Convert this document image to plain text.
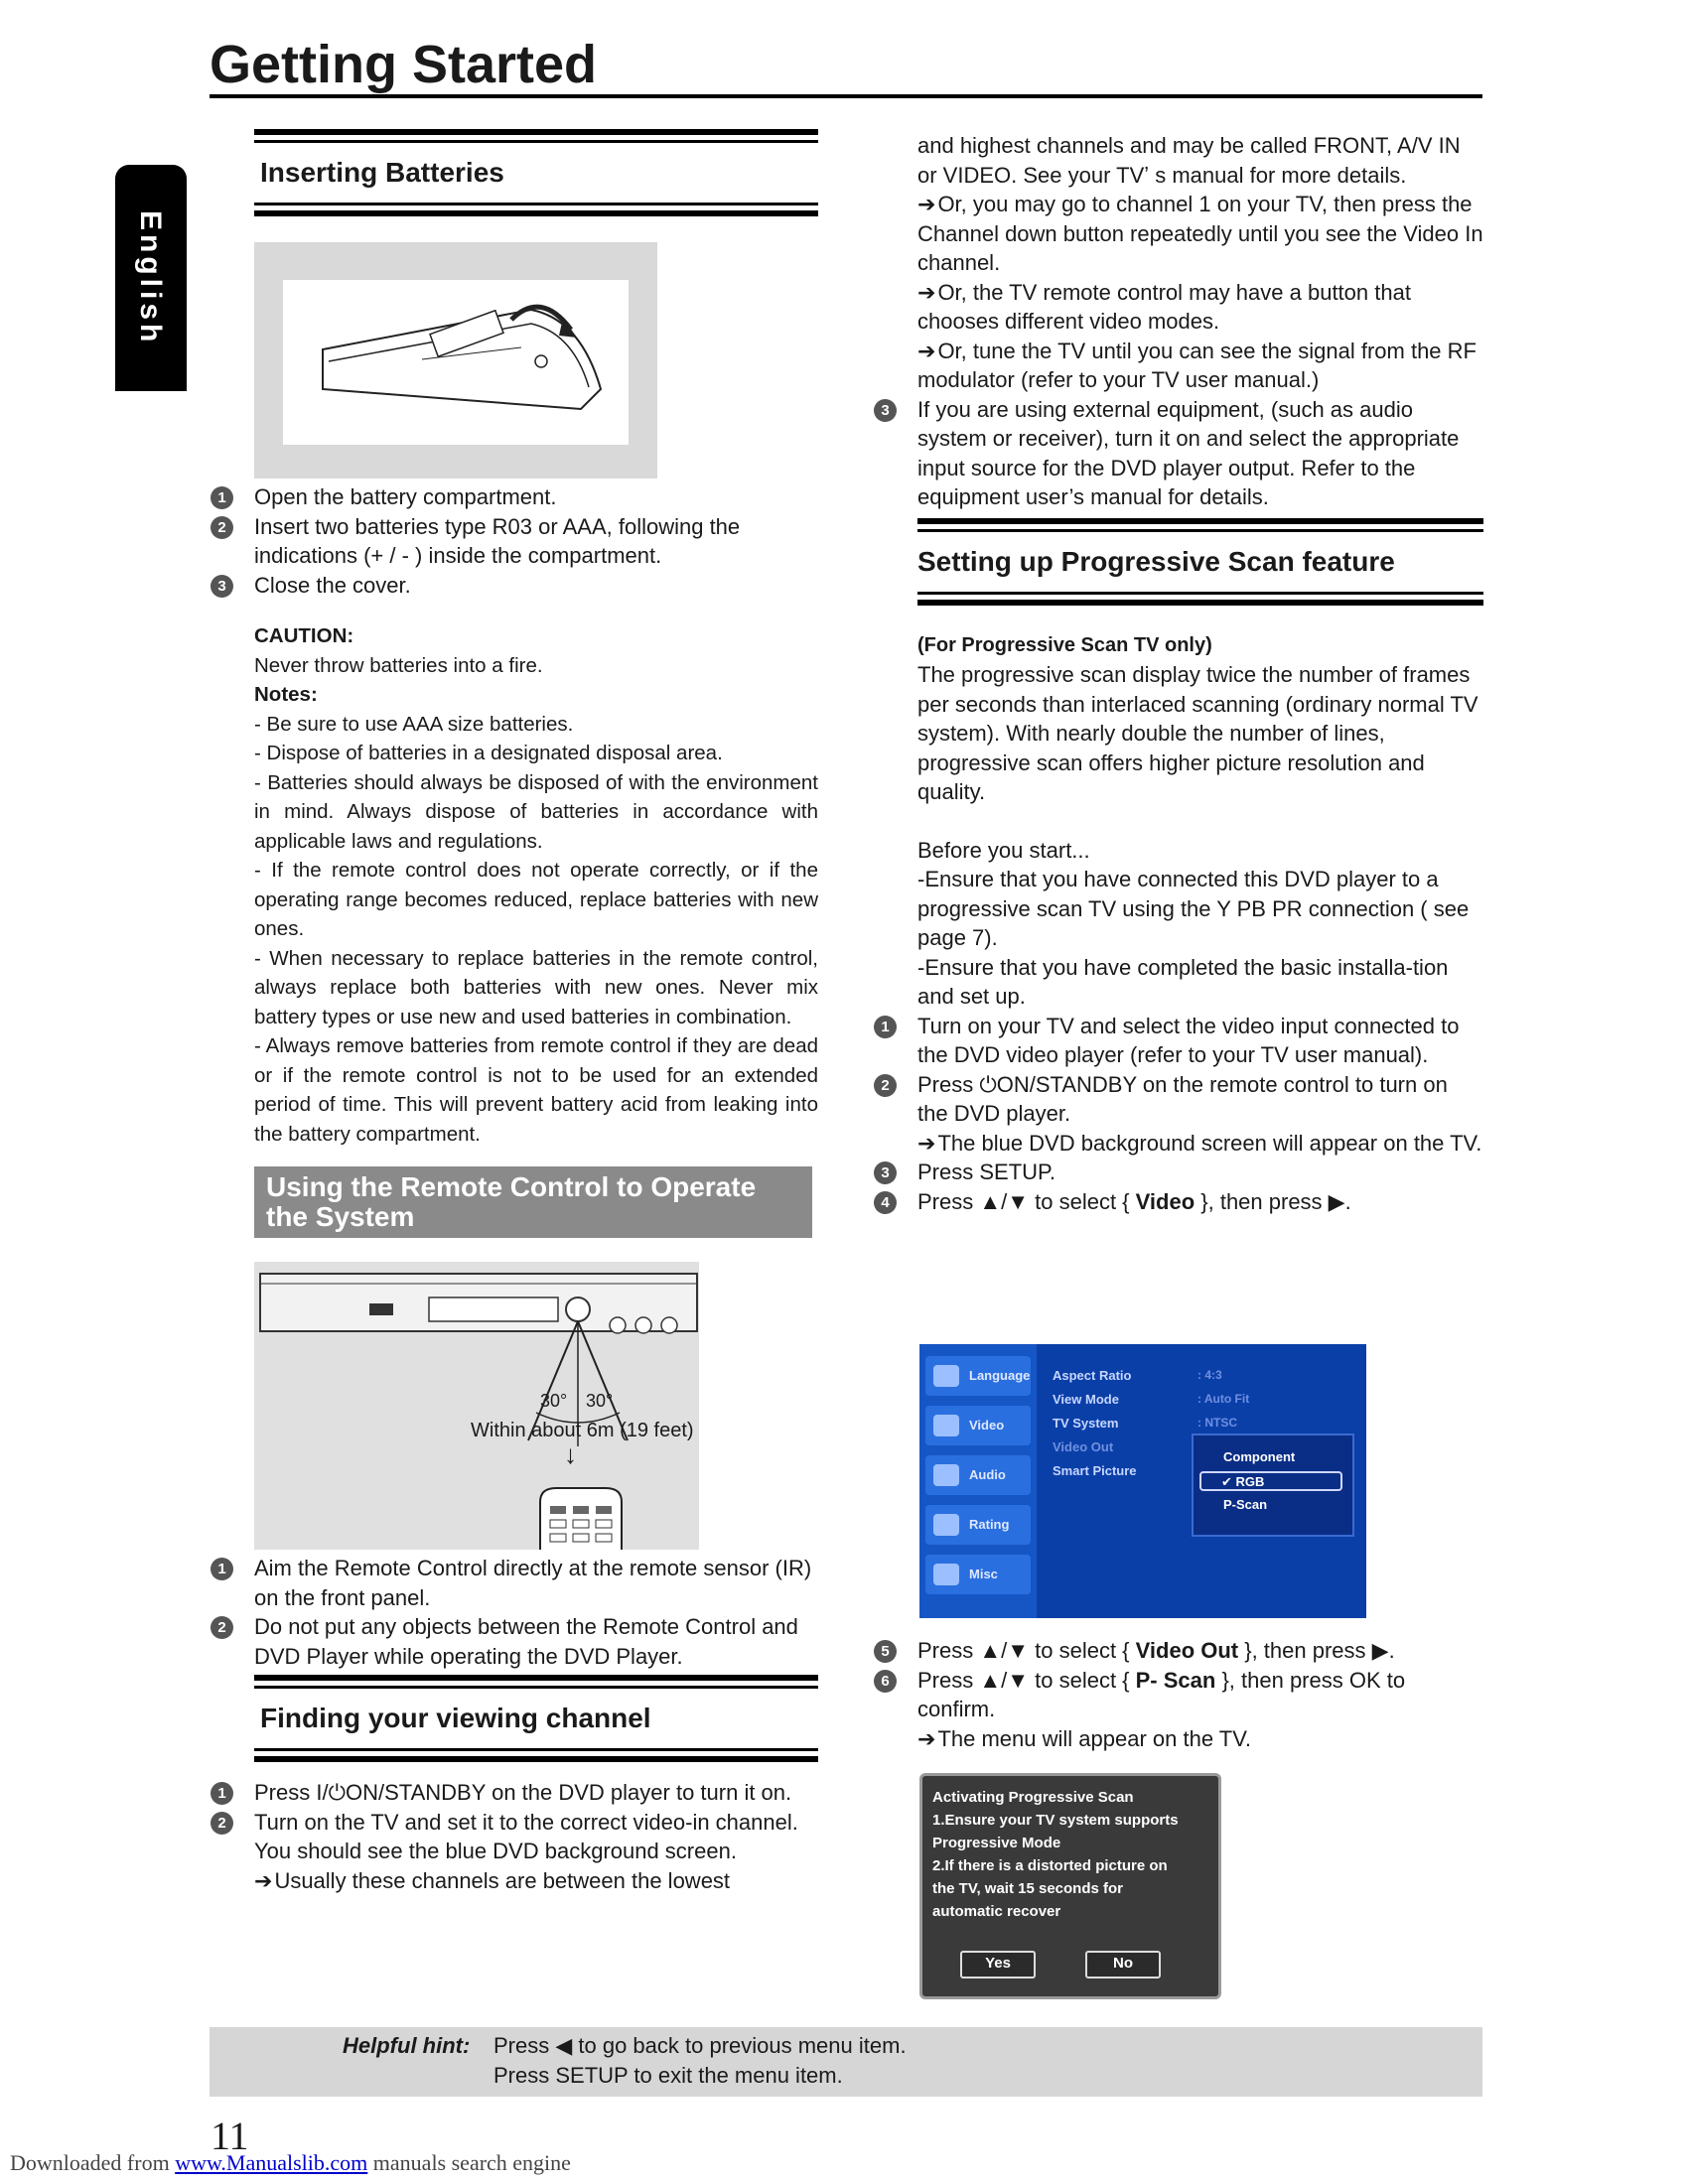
Getting Started
English
Inserting Batteries
1	Open the battery compartment.
2	Insert two batteries type R03 or AAA, following the indications (+ / - ) inside the compartment.
3	Close the cover.

CAUTION:

Never throw batteries into a fire.

Notes:

- Be sure to use AAA size batteries.

- Dispose of batteries in a designated disposal area.

- Batteries should always be disposed of with the environment in mind. Always dispose of batteries in accordance with applicable laws and regulations.

- If the remote control does not operate correctly, or if the operating range becomes reduced, replace batteries with new ones.

- When necessary to replace batteries in the remote control, always replace both batteries with new ones. Never mix battery types or use new and used batteries in combination.

- Always remove batteries from remote control if they are dead or if the remote control is not to be used for an extended period of time. This will prevent battery acid from leaking into the battery compartment.

Using the Remote Control to Operate the System
30° 30°
Within about 6m (19 feet)
↓
1	Aim the Remote Control directly at the remote sensor (IR) on the front panel.
2	Do not put any objects between the Remote Control and DVD Player while operating the DVD Player.
Finding your viewing channel
1	Press I/⏻ON/STANDBY on the DVD player to turn it on.
2	Turn on the TV and set it to the correct video-in channel. You should see the blue DVD background screen.
➔ Usually these channels are between the lowest

and highest channels and may be called FRONT, A/V IN or VIDEO. See your TVʼ s manual for more details.

➔ Or, you may go to channel 1 on your TV, then press the Channel down button repeatedly until you see the Video In channel.

➔ Or, the TV remote control may have a button that chooses different video modes.

➔ Or, tune the TV until you can see the signal from the RF modulator (refer to your TV user manual.)

3	If you are using external equipment, (such as audio system or receiver), turn it on and select the appropriate input source for the DVD player output. Refer to the equipment user’s manual for details.
Setting up Progressive Scan feature

(For Progressive Scan TV only)

The progressive scan display twice the number of frames per seconds than interlaced scanning (ordinary normal TV system). With nearly double the number of lines, progressive scan offers higher picture resolution and quality.

Before you start...

-Ensure that you have connected this DVD player to a progressive scan TV using the Y PB PR connection ( see page 7).

-Ensure that you have completed the basic installa-tion and set up.

1	Turn on your TV and select the video input connected to the DVD video player (refer to your TV user manual).
2	Press ⏻ON/STANDBY on the remote control to turn on the DVD player.
➔ The blue DVD background screen will appear on the TV.
3	Press SETUP.
4	Press ▲/▼ to select { Video }, then press ▶.
Language
Video
Audio
Rating
Misc
Aspect Ratio
View Mode
TV System
Video Out
Smart Picture
: 4:3
: Auto Fit
: NTSC
Component
✔ RGB
P-Scan
5	Press ▲/▼ to select { Video Out }, then press ▶.
6	Press ▲/▼ to select { P- Scan }, then press OK to confirm.
➔ The menu will appear on the TV.
Activating Progressive Scan
1.Ensure your TV system supports
Progressive Mode
2.If there is a distorted picture on
the TV, wait 15 seconds for
automatic recover
Yes	No
Helpful hint: Press ◀ to go back to previous menu item.
Press SETUP to exit the menu item.
11
Downloaded from www.Manualslib.com manuals search engine
